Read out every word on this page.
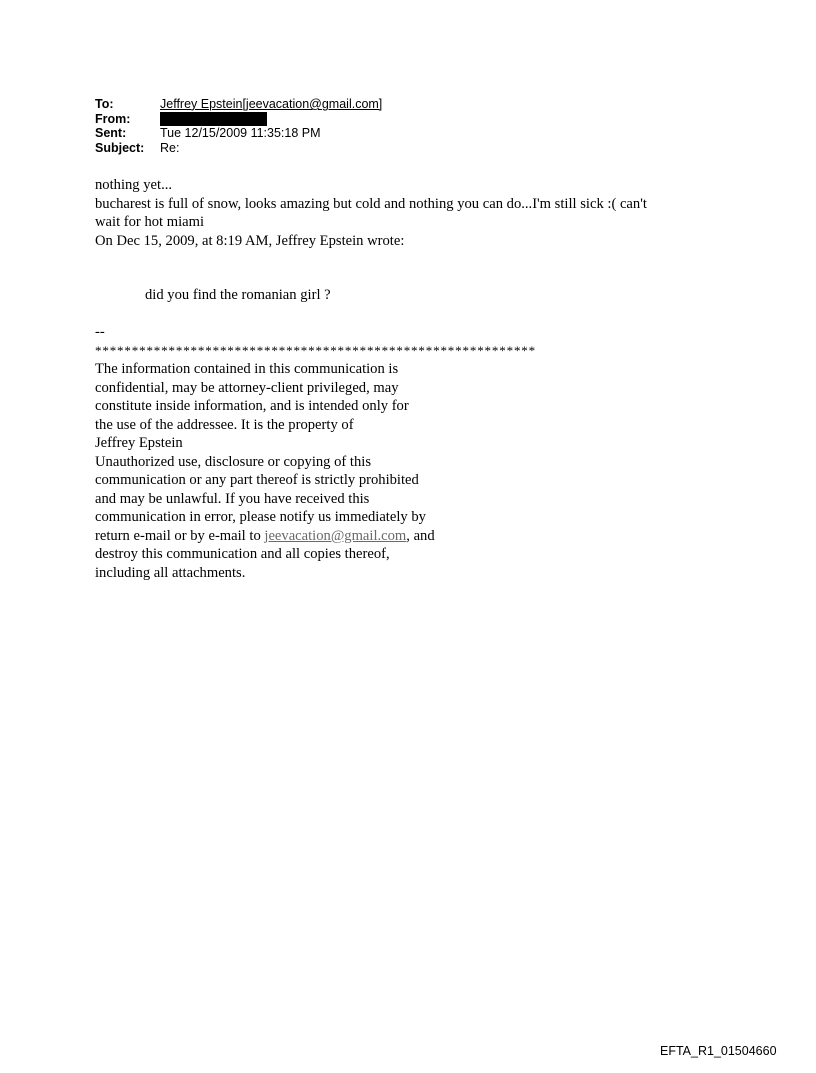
To:	Jeffrey Epstein[jeevacation@gmail.com]
From:
Sent:	Tue 12/15/2009 11:35:18 PM
Subject:	Re:
nothing yet...
bucharest is full of snow, looks amazing but cold and nothing you can do...I'm still sick :( can't
wait for hot miami
On Dec 15, 2009, at 8:19 AM, Jeffrey Epstein wrote:
did you find the romanian girl ?
--
************************************************************
The information contained in this communication is
confidential, may be attorney-client privileged, may
constitute inside information, and is intended only for
the use of the addressee. It is the property of
Jeffrey Epstein
Unauthorized use, disclosure or copying of this
communication or any part thereof is strictly prohibited
and may be unlawful. If you have received this
communication in error, please notify us immediately by
return e-mail or by e-mail to jeevacation@gmail.com, and
destroy this communication and all copies thereof,
including all attachments.
EFTA_R1_01504660
